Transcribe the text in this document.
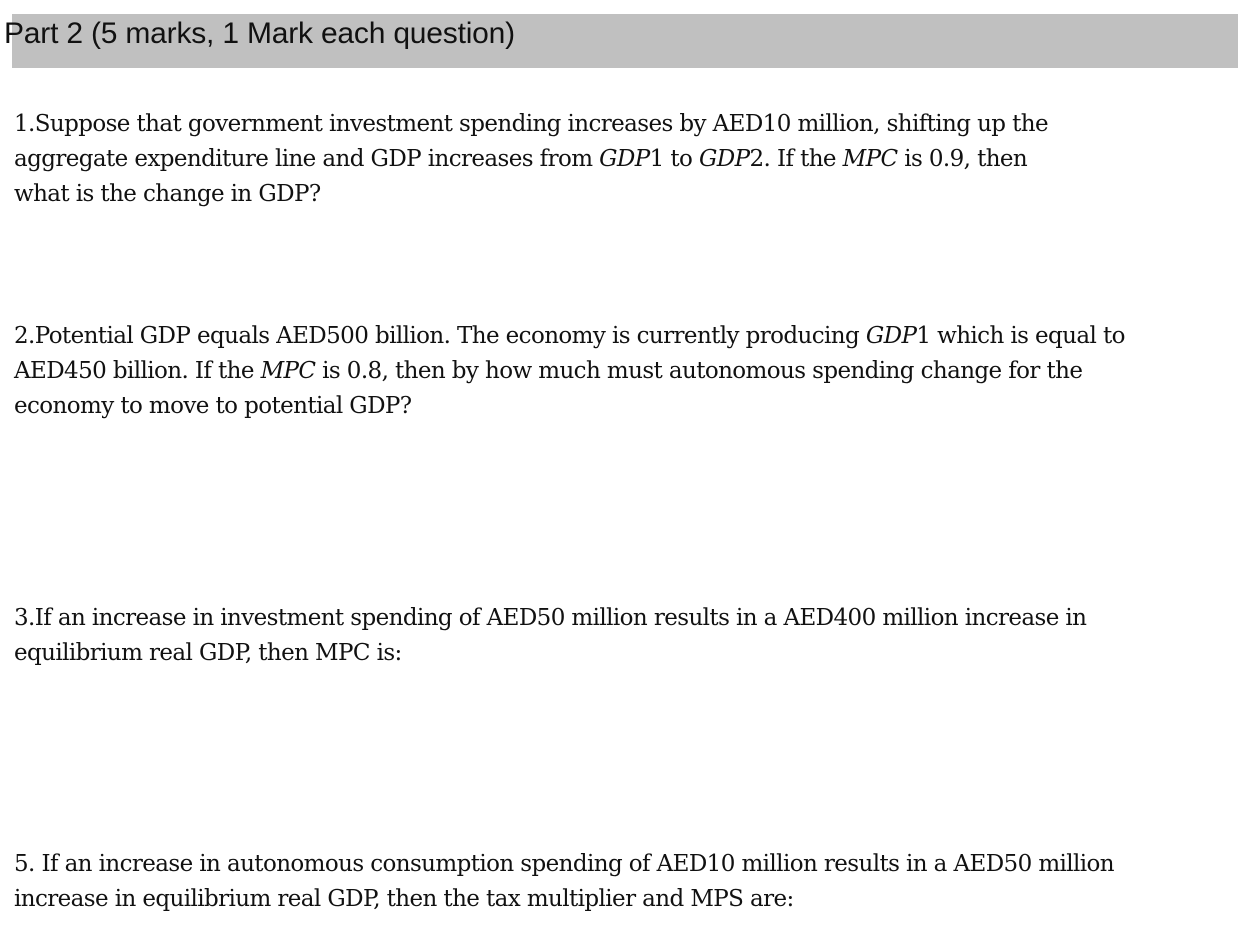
Part 2 (5 marks, 1 Mark each question)
1.Suppose that government investment spending increases by AED10 million, shifting up the
aggregate expenditure line and GDP increases from GDP1 to GDP2. If the MPC is 0.9, then
what is the change in GDP?
2.Potential GDP equals AED500 billion. The economy is currently producing GDP1 which is equal to
AED450 billion. If the MPC is 0.8, then by how much must autonomous spending change for the
economy to move to potential GDP?
3.If an increase in investment spending of AED50 million results in a AED400 million increase in
equilibrium real GDP, then MPC is:
5. If an increase in autonomous consumption spending of AED10 million results in a AED50 million
increase in equilibrium real GDP, then the tax multiplier and MPS are:
